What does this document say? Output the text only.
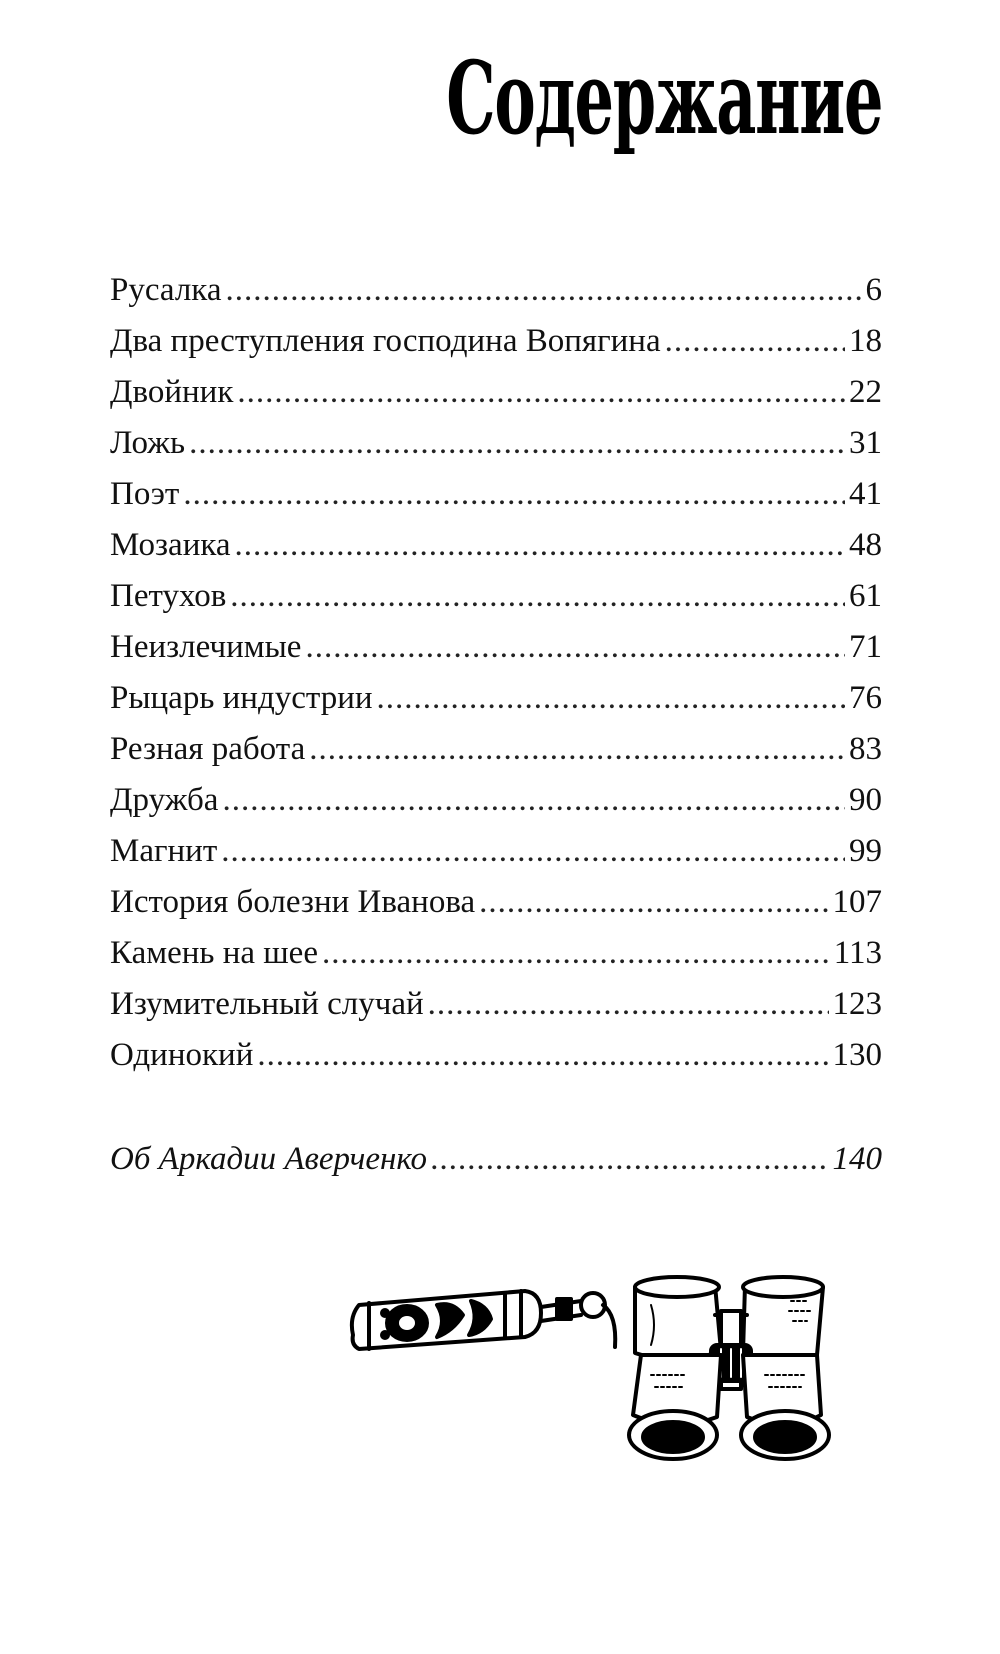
Содержание
Русалка .....	6
Два преступления господина Вопягина .....	18
Двойник .....	22
Ложь .....	31
Поэт .....	41
Мозаика .....	48
Петухов .....	61
Неизлечимые .....	71
Рыцарь индустрии .....	76
Резная работа .....	83
Дружба .....	90
Магнит .....	99
История болезни Иванова .....	107
Камень на шее .....	113
Изумительный случай .....	123
Одинокий .....	130
Об Аркадии Аверченко .....	140
